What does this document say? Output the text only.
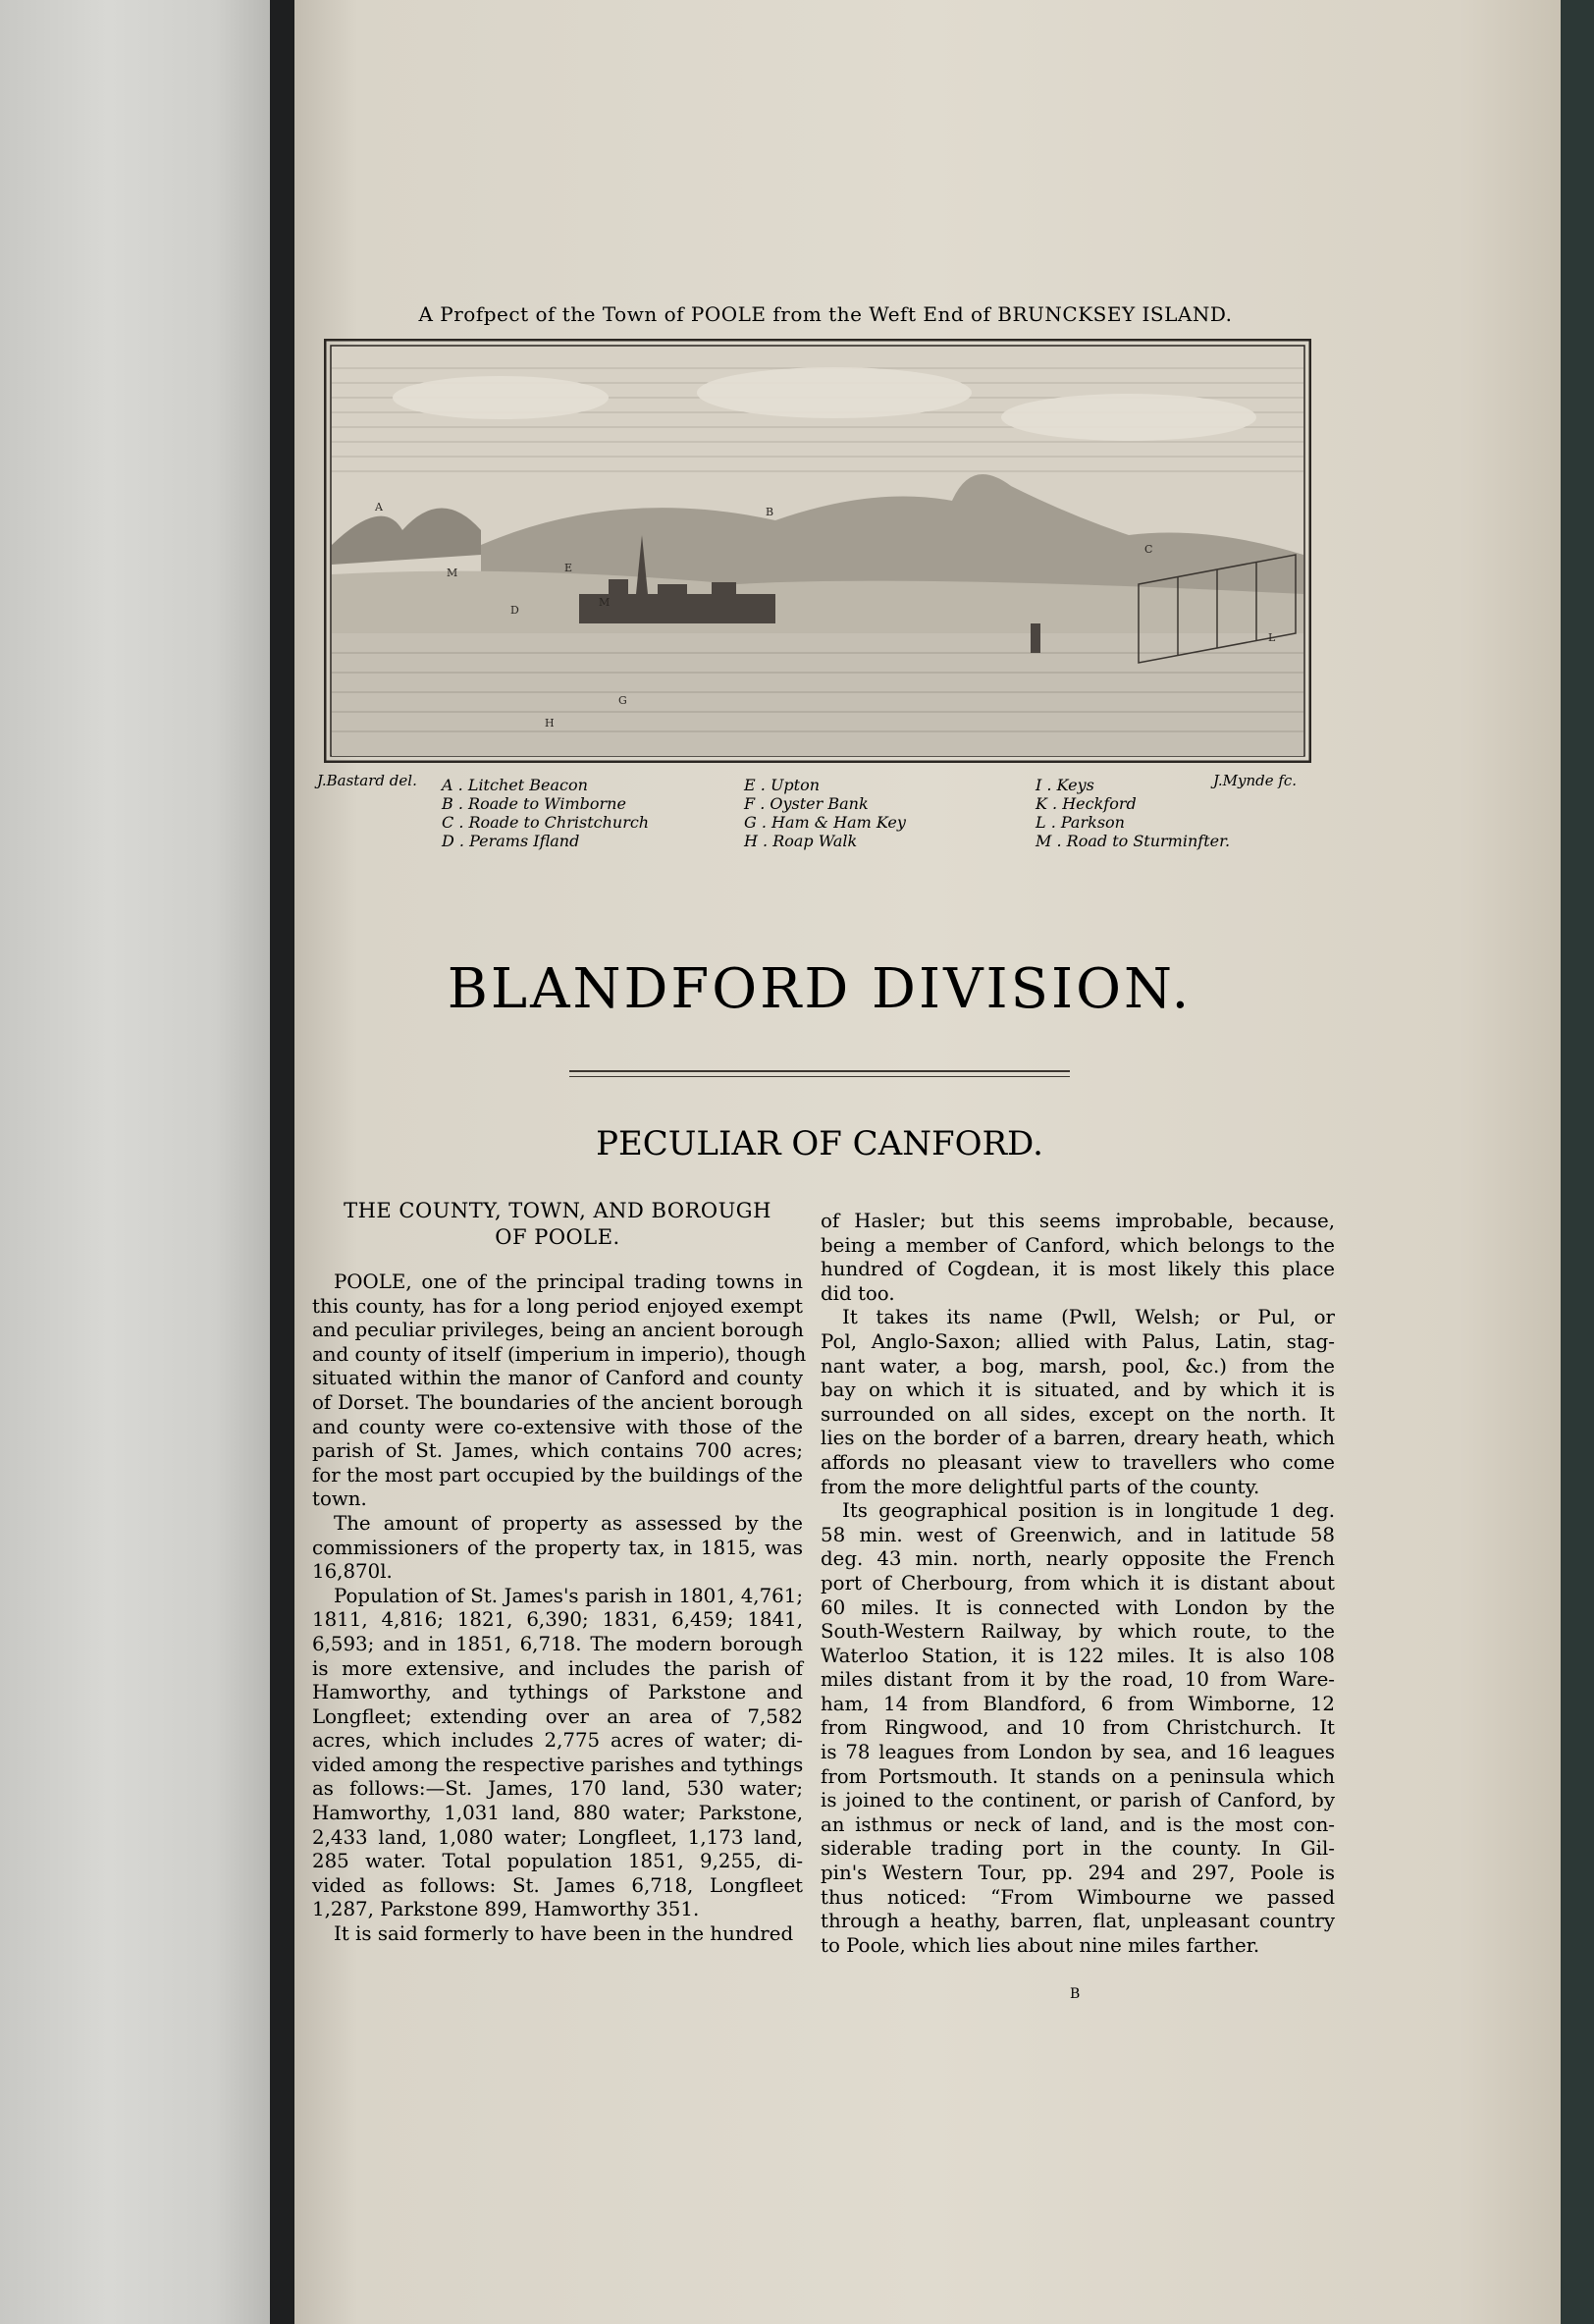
A Profpect of the Town of POOLE from the Weft End of BRUNCKSEY ISLAND.
A	B
C
M	E
D
M
H
G
L
J.Bastard del.	J.Mynde fc.
A . Litchet Beacon
B . Roade to Wimborne
C . Roade to Christchurch
D . Perams Ifland
E . Upton
F . Oyster Bank
G . Ham & Ham Key
H . Roap Walk
I . Keys
K . Heckford
L . Parkson
M . Road to Sturminfter.
BLANDFORD DIVISION.
PECULIAR OF CANFORD.
THE COUNTY, TOWN, AND BOROUGH
OF POOLE.
POOLE, one of the principal trading towns in
this county, has for a long period enjoyed exempt
and peculiar privileges, being an ancient borough
and county of itself (imperium in imperio), though
situated within the manor of Canford and county
of Dorset. The boundaries of the ancient borough
and county were co-extensive with those of the
parish of St. James, which contains 700 acres;
for the most part occupied by the buildings of the
town.
The amount of property as assessed by the
commissioners of the property tax, in 1815, was
16,870l.
Population of St. James's parish in 1801, 4,761;
1811, 4,816; 1821, 6,390; 1831, 6,459; 1841,
6,593; and in 1851, 6,718. The modern borough
is more extensive, and includes the parish of
Hamworthy, and tythings of Parkstone and
Longfleet; extending over an area of 7,582
acres, which includes 2,775 acres of water; di-
vided among the respective parishes and tythings
as follows:—St. James, 170 land, 530 water;
Hamworthy, 1,031 land, 880 water; Parkstone,
2,433 land, 1,080 water; Longfleet, 1,173 land,
285 water. Total population 1851, 9,255, di-
vided as follows: St. James 6,718, Longfleet
1,287, Parkstone 899, Hamworthy 351.
It is said formerly to have been in the hundred
of Hasler; but this seems improbable, because,
being a member of Canford, which belongs to the
hundred of Cogdean, it is most likely this place
did too.
It takes its name (Pwll, Welsh; or Pul, or
Pol, Anglo-Saxon; allied with Palus, Latin, stag-
nant water, a bog, marsh, pool, &c.) from the
bay on which it is situated, and by which it is
surrounded on all sides, except on the north. It
lies on the border of a barren, dreary heath, which
affords no pleasant view to travellers who come
from the more delightful parts of the county.
Its geographical position is in longitude 1 deg.
58 min. west of Greenwich, and in latitude 58
deg. 43 min. north, nearly opposite the French
port of Cherbourg, from which it is distant about
60 miles. It is connected with London by the
South-Western Railway, by which route, to the
Waterloo Station, it is 122 miles. It is also 108
miles distant from it by the road, 10 from Ware-
ham, 14 from Blandford, 6 from Wimborne, 12
from Ringwood, and 10 from Christchurch. It
is 78 leagues from London by sea, and 16 leagues
from Portsmouth. It stands on a peninsula which
is joined to the continent, or parish of Canford, by
an isthmus or neck of land, and is the most con-
siderable trading port in the county. In Gil-
pin's Western Tour, pp. 294 and 297, Poole is
thus noticed: “From Wimbourne we passed
through a heathy, barren, flat, unpleasant country
to Poole, which lies about nine miles farther.
B
